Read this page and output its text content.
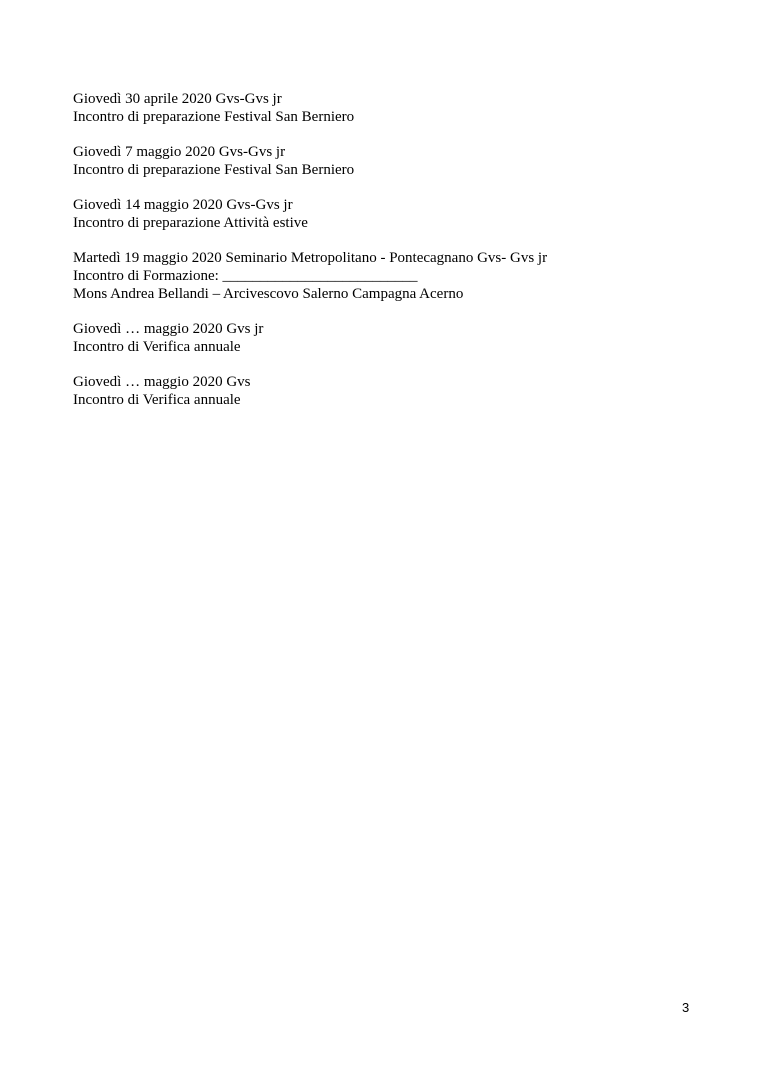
Giovedì 30 aprile 2020 Gvs-Gvs jr
Incontro di preparazione Festival San Berniero
Giovedì 7 maggio 2020 Gvs-Gvs jr
Incontro di preparazione Festival San Berniero
Giovedì 14 maggio 2020 Gvs-Gvs jr
Incontro di preparazione Attività estive
Martedì 19 maggio 2020 Seminario Metropolitano - Pontecagnano Gvs- Gvs jr
Incontro di Formazione: __________________________
Mons Andrea Bellandi – Arcivescovo Salerno Campagna Acerno
Giovedì … maggio 2020 Gvs jr
Incontro di Verifica annuale
Giovedì … maggio 2020 Gvs
Incontro di Verifica annuale
3
